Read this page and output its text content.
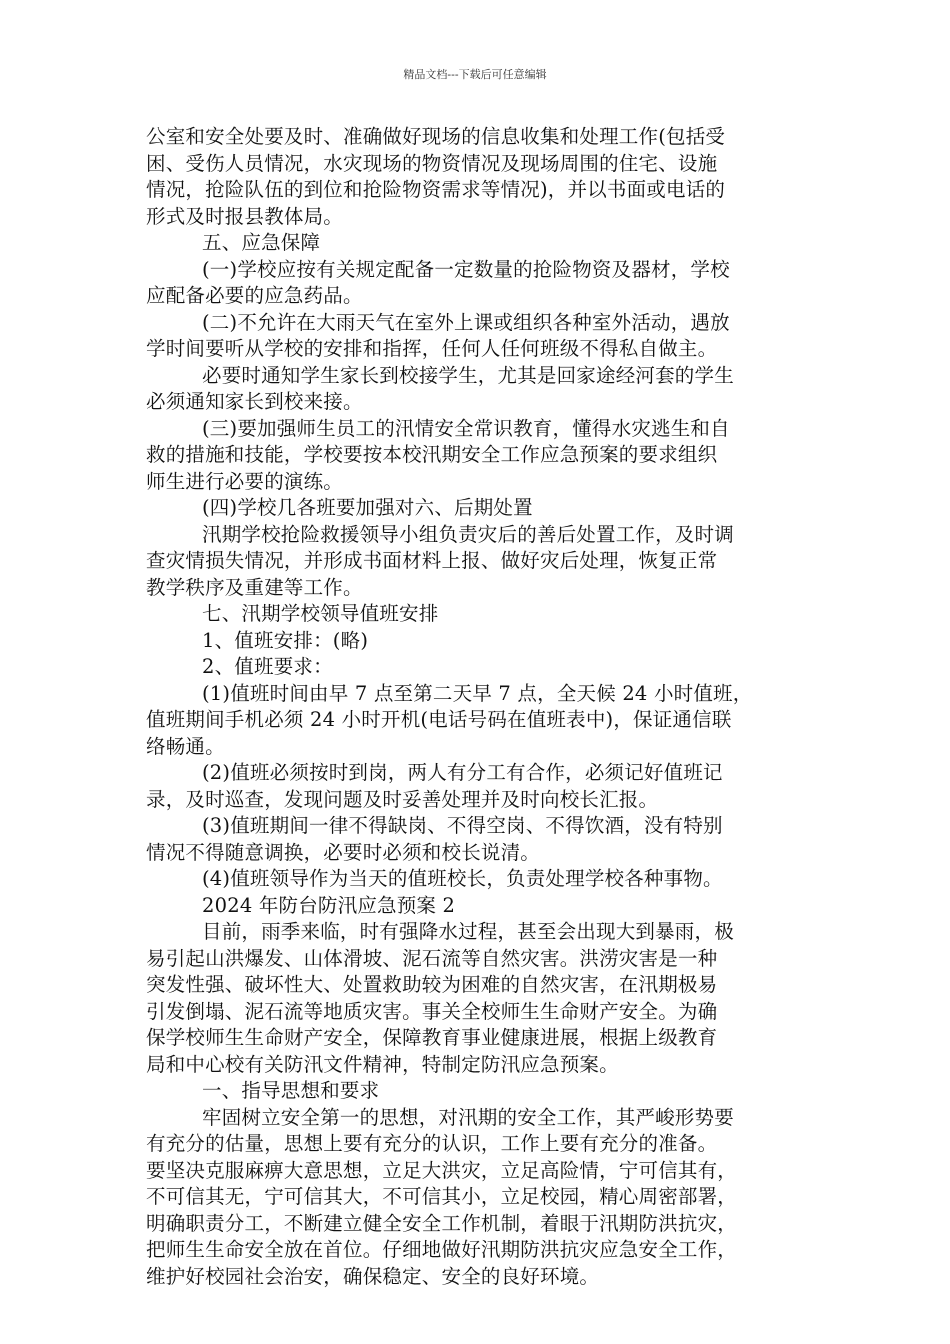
精品文档---下载后可任意编辑
公室和安全处要及时、准确做好现场的信息收集和处理工作(包括受
困、受伤人员情况，水灾现场的物资情况及现场周围的住宅、设施
情况，抢险队伍的到位和抢险物资需求等情况)，并以书面或电话的
形式及时报县教体局。
五、应急保障
(一)学校应按有关规定配备一定数量的抢险物资及器材，学校
应配备必要的应急药品。
(二)不允许在大雨天气在室外上课或组织各种室外活动，遇放
学时间要听从学校的安排和指挥，任何人任何班级不得私自做主。
必要时通知学生家长到校接学生，尤其是回家途经河套的学生
必须通知家长到校来接。
(三)要加强师生员工的汛情安全常识教育，懂得水灾逃生和自
救的措施和技能，学校要按本校汛期安全工作应急预案的要求组织
师生进行必要的演练。
(四)学校几各班要加强对六、后期处置
汛期学校抢险救援领导小组负责灾后的善后处置工作，及时调
查灾情损失情况，并形成书面材料上报、做好灾后处理，恢复正常
教学秩序及重建等工作。
七、汛期学校领导值班安排
1、值班安排：(略)
2、值班要求：
(1)值班时间由早 7 点至第二天早 7 点，全天候 24 小时值班，
值班期间手机必须 24 小时开机(电话号码在值班表中)，保证通信联
络畅通。
(2)值班必须按时到岗，两人有分工有合作，必须记好值班记
录，及时巡查，发现问题及时妥善处理并及时向校长汇报。
(3)值班期间一律不得缺岗、不得空岗、不得饮酒，没有特别
情况不得随意调换，必要时必须和校长说清。
(4)值班领导作为当天的值班校长，负责处理学校各种事物。
2024 年防台防汛应急预案 2
目前，雨季来临，时有强降水过程，甚至会出现大到暴雨，极
易引起山洪爆发、山体滑坡、泥石流等自然灾害。洪涝灾害是一种
突发性强、破坏性大、处置救助较为困难的自然灾害，在汛期极易
引发倒塌、泥石流等地质灾害。事关全校师生生命财产安全。为确
保学校师生生命财产安全，保障教育事业健康进展，根据上级教育
局和中心校有关防汛文件精神，特制定防汛应急预案。
一、指导思想和要求
牢固树立安全第一的思想，对汛期的安全工作，其严峻形势要
有充分的估量，思想上要有充分的认识，工作上要有充分的准备。
要坚决克服麻痹大意思想，立足大洪灾，立足高险情，宁可信其有，
不可信其无，宁可信其大，不可信其小，立足校园，精心周密部署，
明确职责分工，不断建立健全安全工作机制，着眼于汛期防洪抗灾，
把师生生命安全放在首位。仔细地做好汛期防洪抗灾应急安全工作，
维护好校园社会治安，确保稳定、安全的良好环境。
